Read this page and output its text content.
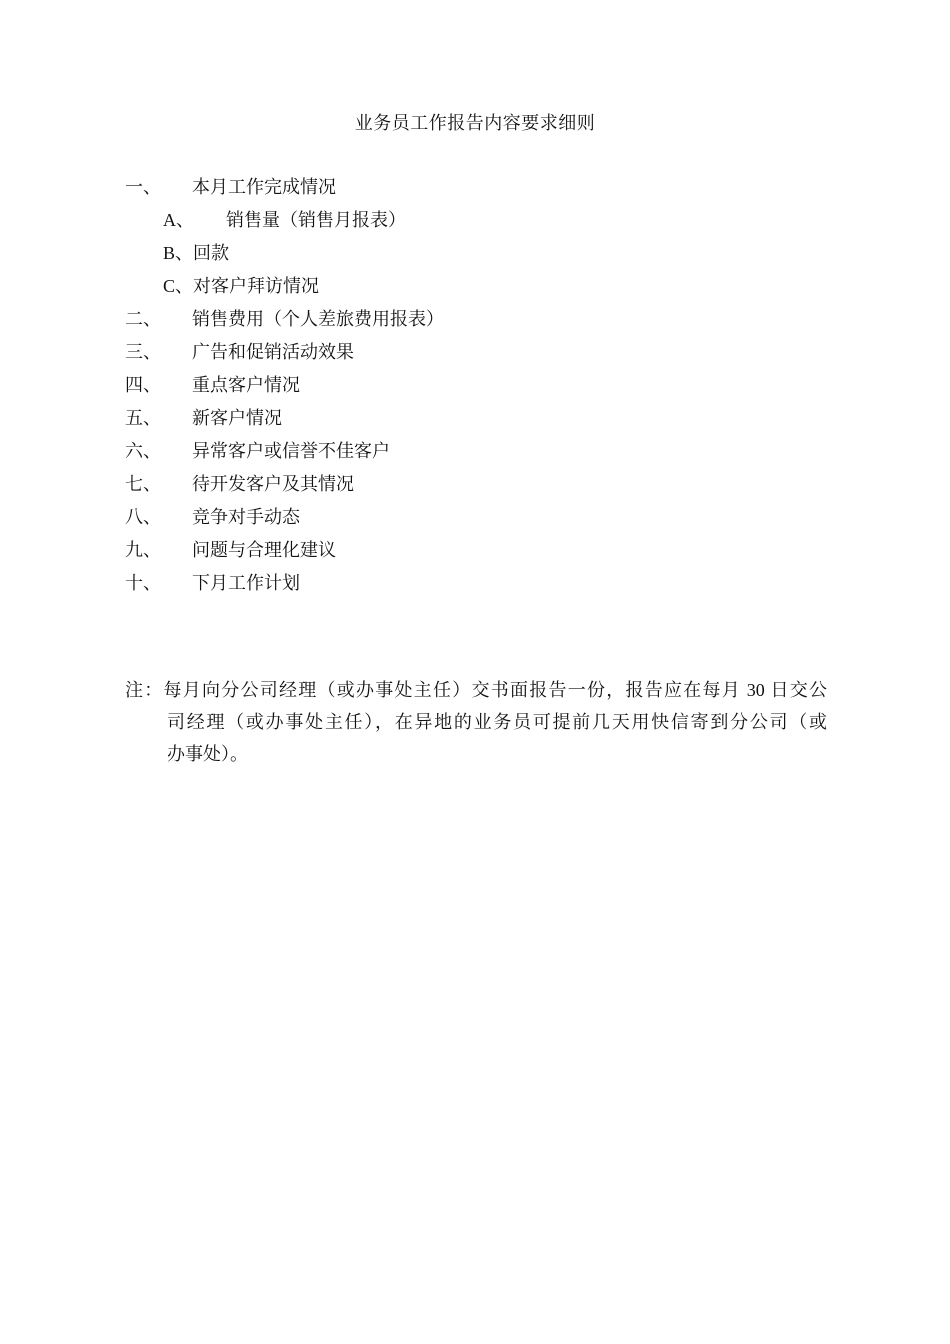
业务员工作报告内容要求细则
一、 本月工作完成情况
A、 销售量（销售月报表）
B、回款
C、对客户拜访情况
二、 销售费用（个人差旅费用报表）
三、 广告和促销活动效果
四、 重点客户情况
五、 新客户情况
六、 异常客户或信誉不佳客户
七、 待开发客户及其情况
八、 竞争对手动态
九、 问题与合理化建议
十、 下月工作计划
注：每月向分公司经理（或办事处主任）交书面报告一份，报告应在每月 30 日交公
司经理（或办事处主任），在异地的业务员可提前几天用快信寄到分公司（或
办事处）。
